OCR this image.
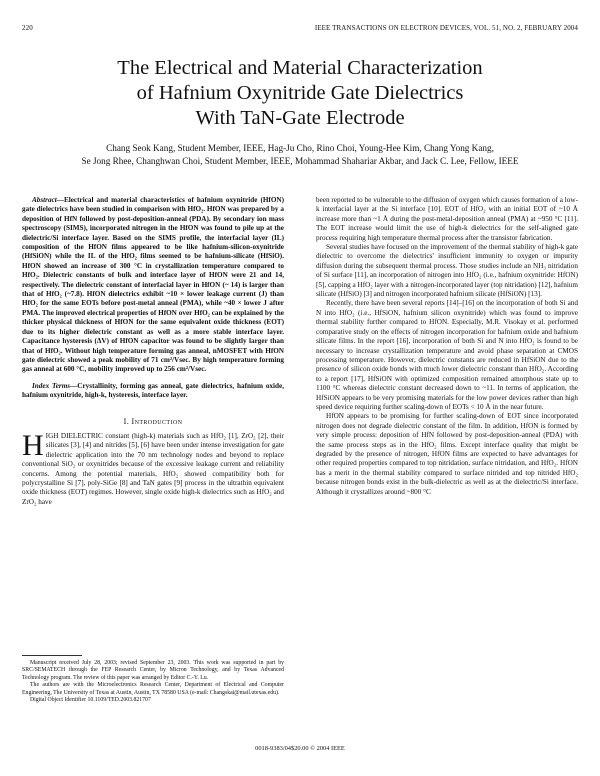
220	IEEE TRANSACTIONS ON ELECTRON DEVICES, VOL. 51, NO. 2, FEBRUARY 2004
The Electrical and Material Characterization
of Hafnium Oxynitride Gate Dielectrics
With TaN-Gate Electrode
Chang Seok Kang, Student Member, IEEE, Hag-Ju Cho, Rino Choi, Young-Hee Kim, Chang Yong Kang,
Se Jong Rhee, Changhwan Choi, Student Member, IEEE, Mohammad Shahariar Akbar, and Jack C. Lee, Fellow, IEEE

Abstract—Electrical and material characteristics of hafnium oxynitride (HfON) gate dielectrics have been studied in comparison with HfO₂. HfON was prepared by a deposition of HfN followed by post-deposition-anneal (PDA). By secondary ion mass spectroscopy (SIMS), incorporated nitrogen in the HfON was found to pile up at the dielectric/Si interface layer. Based on the SIMS profile, the interfacial layer (IL) composition of the HfON films appeared to be like hafnium-silicon-oxynitride (HfSiON) while the IL of the HfO₂ films seemed to be hafnium-silicate (HfSiO). HfON showed an increase of 300 °C in crystallization temperature compared to HfO₂. Dielectric constants of bulk and interface layer of HfON were 21 and 14, respectively. The dielectric constant of interfacial layer in HfON (~ 14) is larger than that of HfO₂ (~7.8). HfON dielectrics exhibit ~10 × lower leakage current (J) than HfO₂ for the same EOTs before post-metal anneal (PMA), while ~40 × lower J after PMA. The improved electrical properties of HfON over HfO₂ can be explained by the thicker physical thickness of HfON for the same equivalent oxide thickness (EOT) due to its higher dielectric constant as well as a more stable interface layer. Capacitance hysteresis (ΔV) of HfON capacitor was found to be slightly larger than that of HfO₂. Without high temperature forming gas anneal, nMOSFET with HfON gate dielectric showed a peak mobility of 71 cm²/Vsec. By high temperature forming gas anneal at 600 °C, mobility improved up to 256 cm²/Vsec.

Index Terms—Crystallinity, forming gas anneal, gate dielectrics, hafnium oxide, hafnium oxynitride, high-k, hysteresis, interface layer.

I. Introduction

HIGH DIELECTRIC constant (high-k) materials such as HfO₂ [1], ZrO₂ [2], their silicates [3], [4] and nitrides [5], [6] have been under intense investigation for gate dielectric application into the 70 nm technology nodes and beyond to replace conventional SiO₂ or oxynitrides because of the excessive leakage current and reliability concerns. Among the potential materials, HfO₂ showed compatibility both for polycrystalline Si [7], poly-SiGe [8] and TaN gates [9] process in the ultrathin equivalent oxide thickness (EOT) regimes. However, single oxide high-k dielectrics such as HfO₂ and ZrO₂ have

Manuscript received July 28, 2003; revised September 23, 2003. This work was supported in part by SRC/SEMATECH through the FEP Research Center, by Micron Technology, and by Texas Advanced Technology program. The review of this paper was arranged by Editor C.-Y. Lu.

The authors are with the Microelectronics Research Center, Department of Electrical and Computer Engineering, The University of Texas at Austin, Austin, TX 78580 USA (e-mail: Changskai@mail.utexas.edu).

Digital Object Identifier 10.1109/TED.2003.821707

been reported to be vulnerable to the diffusion of oxygen which causes formation of a low-k interfacial layer at the Si interface [10]. EOT of HfO₂ with an initial EOT of ~10 Å increase more than ~1 Å during the post-metal-deposition anneal (PMA) at ~950 °C [11]. The EOT increase would limit the use of high-k dielectrics for the self-aligned gate process requiring high temperature thermal process after the transistor fabrication.

Several studies have focused on the improvement of the thermal stability of high-k gate dielectric to overcome the dielectrics' insufficient immunity to oxygen or impurity diffusion during the subsequent thermal process. Those studies include an NH₃ nitridation of Si surface [11], an incorporation of nitrogen into HfO₂ (i.e., hafnium oxynitride: HfON) [5], capping a HfO₂ layer with a nitrogen-incorporated layer (top nitridation) [12], hafnium silicate (HfSiO) [3] and nitrogen incorporated hafnium silicate (HfSiON) [13].

Recently, there have been several reports [14]–[16] on the incorporation of both Si and N into HfO₂ (i.e., HfSiON, hafnium silicon oxynitride) which was found to improve thermal stability further compared to HfON. Especially, M.R. Visokay et al. performed comparative study on the effects of nitrogen incorporation for hafnium oxide and hafnium silicate films. In the report [16], incorporation of both Si and N into HfO₂ is found to be necessary to increase crystallization temperature and avoid phase separation at CMOS processing temperature. However, dielectric constants are reduced in HfSiON due to the presence of silicon oxide bonds with much lower dielectric constant than HfO₂. According to a report [17], HfSiON with optimized composition remained amorphous state up to 1100 °C whereas dielectric constant decreased down to ~11. In terms of application, the HfSiON appears to be very promising materials for the low power devices rather than high speed device requiring further scaling-down of EOTs < 10 Å in the near future.

HfON appears to be promising for further scaling-down of EOT since incorporated nitrogen does not degrade dielectric constant of the film. In addition, HfON is formed by very simple process: deposition of HfN followed by post-deposition-anneal (PDA) with the same process steps as in the HfO₂ films. Except interface quality that might be degraded by the presence of nitrogen, HfON films are expected to have advantages for other required properties compared to top nitridation, surface nitridation, and HfO₂. HfON has a merit in the thermal stability compared to surface nitrided and top nitrided HfO₂ because nitrogen bonds exist in the bulk-dielectric as well as at the dielectric/Si interface. Although it crystallizes around ~800 °C

0018-9383/04$20.00 © 2004 IEEE
